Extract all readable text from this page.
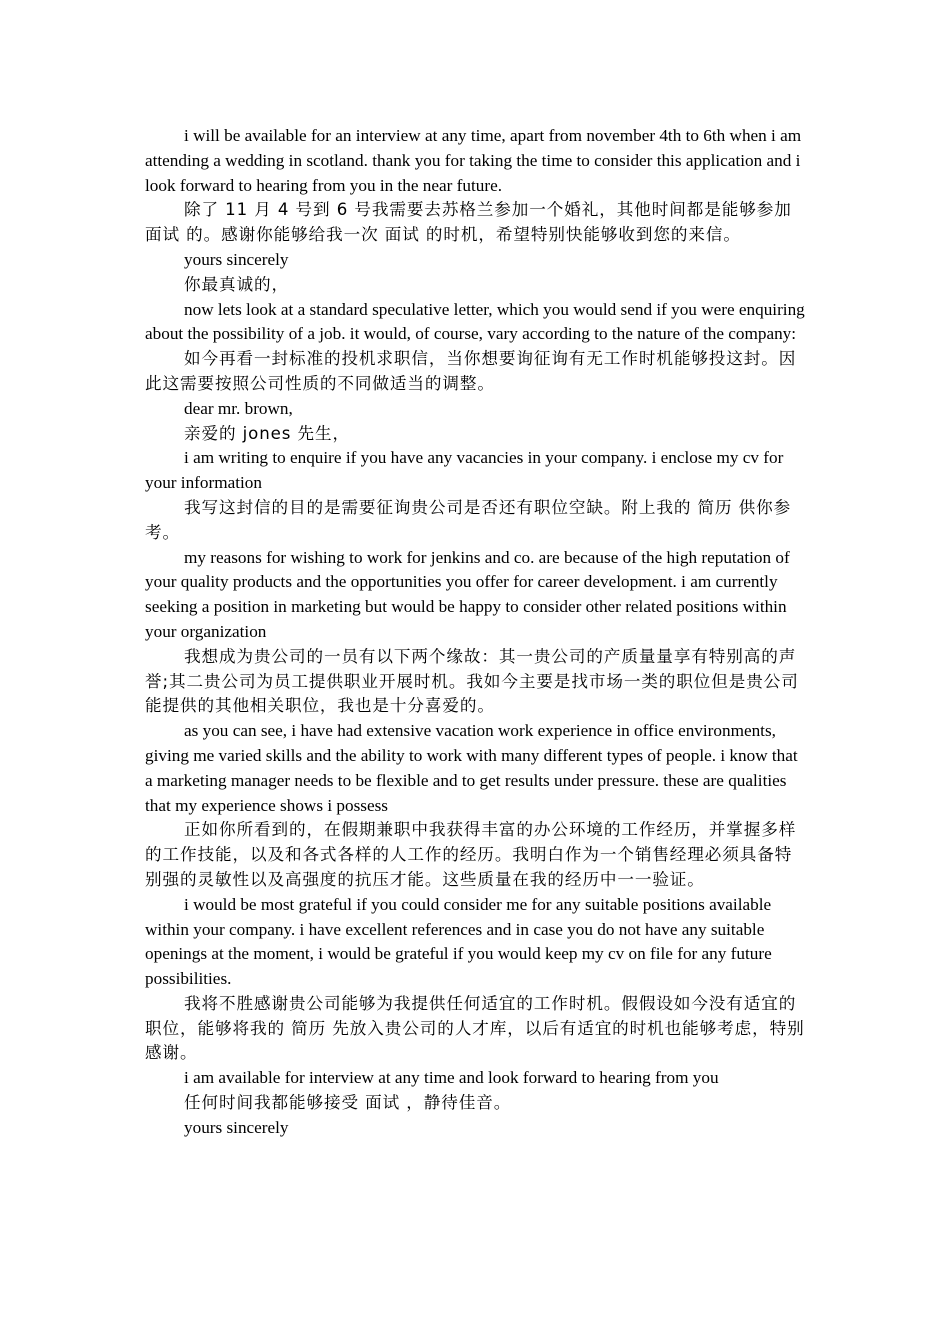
i will be available for an interview at any time, apart from november 4th to 6th when i am attending a wedding in scotland. thank you for taking the time to consider this application and i look forward to hearing from you in the near future.

除了 11 月 4 号到 6 号我需要去苏格兰参加一个婚礼，其他时间都是能够参加 面试 的。感谢你能够给我一次 面试 的时机，希望特别快能够收到您的来信。

yours sincerely

你最真诚的，

now lets look at a standard speculative letter, which you would send if you were enquiring about the possibility of a job. it would, of course, vary according to the nature of the company:

如今再看一封标准的投机求职信，当你想要询征询有无工作时机能够投这封。因此这需要按照公司性质的不同做适当的调整。

dear mr. brown,

亲爱的 jones 先生，

i am writing to enquire if you have any vacancies in your company. i enclose my cv for your information

我写这封信的目的是需要征询贵公司是否还有职位空缺。附上我的 简历 供你参考。

my reasons for wishing to work for jenkins and co. are because of the high reputation of your quality products and the opportunities you offer for career development. i am currently seeking a position in marketing but would be happy to consider other related positions within your organization

我想成为贵公司的一员有以下两个缘故：其一贵公司的产质量量享有特别高的声誉;其二贵公司为员工提供职业开展时机。我如今主要是找市场一类的职位但是贵公司能提供的其他相关职位，我也是十分喜爱的。

as you can see, i have had extensive vacation work experience in office environments, giving me varied skills and the ability to work with many different types of people. i know that a marketing manager needs to be flexible and to get results under pressure. these are qualities that my experience shows i possess

正如你所看到的，在假期兼职中我获得丰富的办公环境的工作经历，并掌握多样的工作技能，以及和各式各样的人工作的经历。我明白作为一个销售经理必须具备特别强的灵敏性以及高强度的抗压才能。这些质量在我的经历中一一验证。

i would be most grateful if you could consider me for any suitable positions available within your company. i have excellent references and in case you do not have any suitable openings at the moment, i would be grateful if you would keep my cv on file for any future possibilities.

我将不胜感谢贵公司能够为我提供任何适宜的工作时机。假假设如今没有适宜的职位，能够将我的 简历 先放入贵公司的人才库，以后有适宜的时机也能够考虑，特别感谢。

i am available for interview at any time and look forward to hearing from you

任何时间我都能够接受 面试 ，静待佳音。

yours sincerely
